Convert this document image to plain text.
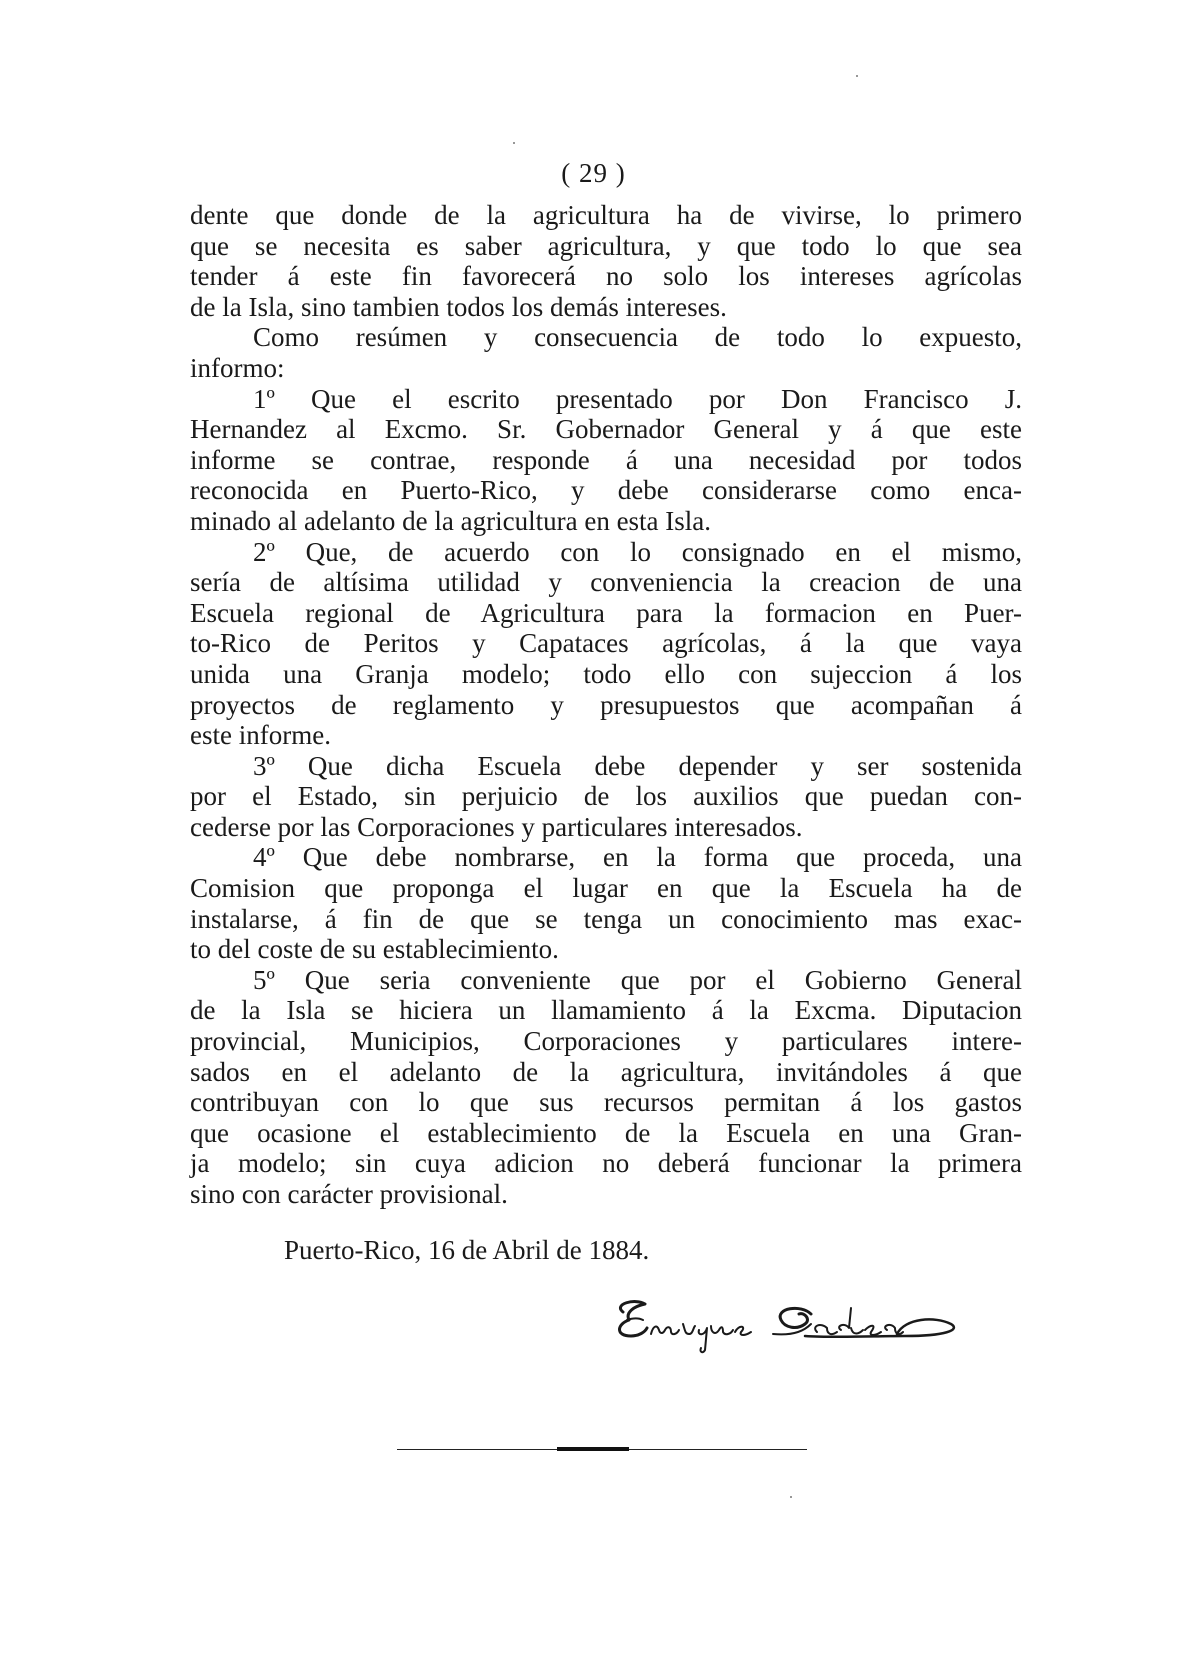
( 29 )
dente que donde de la agricultura ha de vivirse, lo primero
que se necesita es saber agricultura, y que todo lo que sea
tender á este fin favorecerá no solo los intereses agrícolas
de la Isla, sino tambien todos los demás intereses.
Como resúmen y consecuencia de todo lo expuesto,
informo:
1º Que el escrito presentado por Don Francisco J.
Hernandez al Excmo. Sr. Gobernador General y á que este
informe se contrae, responde á una necesidad por todos
reconocida en Puerto-Rico, y debe considerarse como enca-
minado al adelanto de la agricultura en esta Isla.
2º Que, de acuerdo con lo consignado en el mismo,
sería de altísima utilidad y conveniencia la creacion de una
Escuela regional de Agricultura para la formacion en Puer-
to-Rico de Peritos y Capataces agrícolas, á la que vaya
unida una Granja modelo; todo ello con sujeccion á los
proyectos de reglamento y presupuestos que acompañan á
este informe.
3º Que dicha Escuela debe depender y ser sostenida
por el Estado, sin perjuicio de los auxilios que puedan con-
cederse por las Corporaciones y particulares interesados.
4º Que debe nombrarse, en la forma que proceda, una
Comision que proponga el lugar en que la Escuela ha de
instalarse, á fin de que se tenga un conocimiento mas exac-
to del coste de su establecimiento.
5º Que seria conveniente que por el Gobierno General
de la Isla se hiciera un llamamiento á la Excma. Diputacion
provincial, Municipios, Corporaciones y particulares intere-
sados en el adelanto de la agricultura, invitándoles á que
contribuyan con lo que sus recursos permitan á los gastos
que ocasione el establecimiento de la Escuela en una Gran-
ja modelo; sin cuya adicion no deberá funcionar la primera
sino con carácter provisional.
Puerto-Rico, 16 de Abril de 1884.
